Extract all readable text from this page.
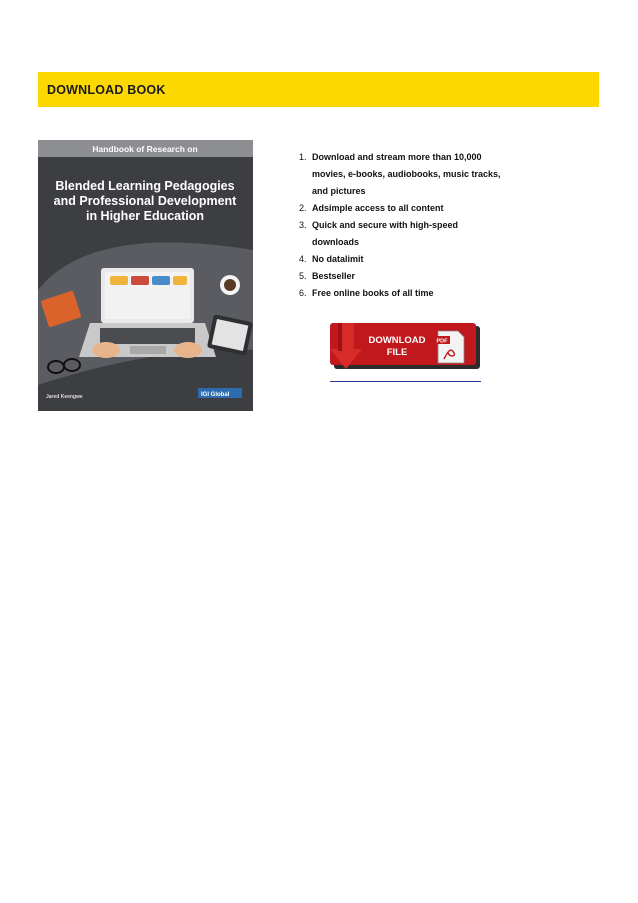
DOWNLOAD BOOK
Handbook of Research on
Blended Learning Pedagogies
and Professional Development
in Higher Education
Jared Keengwe	IGI Global
1. Download and stream more than 10,000 movies, e-books, audiobooks, music tracks, and pictures
2. Adsimple access to all content
3. Quick and secure with high-speed downloads
4. No datalimit
5. Bestseller
6. Free online books of all time
DOWNLOAD
FILE
PDF
